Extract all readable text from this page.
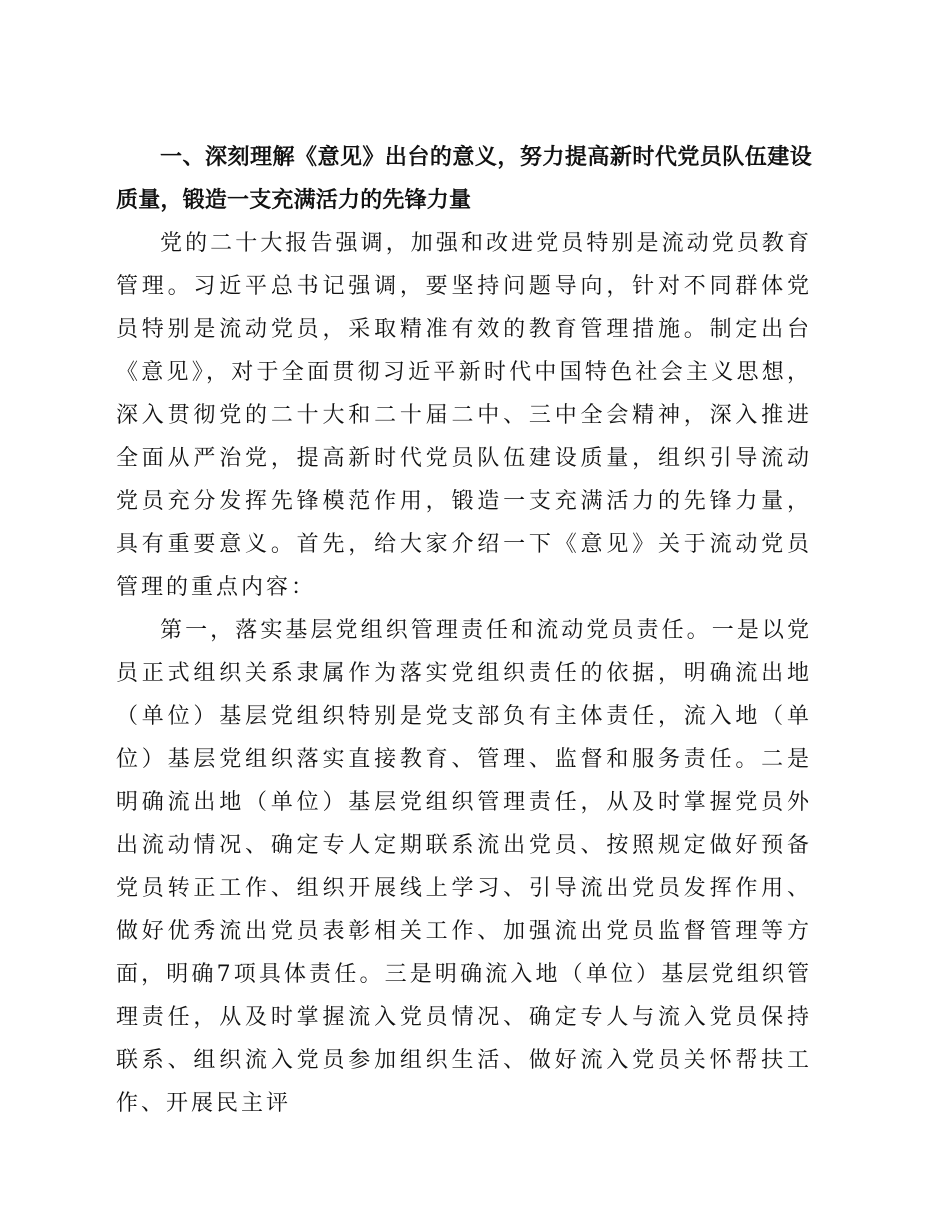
一、深刻理解《意见》出台的意义，努力提高新时代党员队伍建设质量，锻造一支充满活力的先锋力量

党的二十大报告强调，加强和改进党员特别是流动党员教育管理。习近平总书记强调，要坚持问题导向，针对不同群体党员特别是流动党员，采取精准有效的教育管理措施。制定出台《意见》，对于全面贯彻习近平新时代中国特色社会主义思想，深入贯彻党的二十大和二十届二中、三中全会精神，深入推进全面从严治党，提高新时代党员队伍建设质量，组织引导流动党员充分发挥先锋模范作用，锻造一支充满活力的先锋力量，具有重要意义。首先，给大家介绍一下《意见》关于流动党员管理的重点内容：

第一，落实基层党组织管理责任和流动党员责任。一是以党员正式组织关系隶属作为落实党组织责任的依据，明确流出地（单位）基层党组织特别是党支部负有主体责任，流入地（单位）基层党组织落实直接教育、管理、监督和服务责任。二是明确流出地（单位）基层党组织管理责任，从及时掌握党员外出流动情况、确定专人定期联系流出党员、按照规定做好预备党员转正工作、组织开展线上学习、引导流出党员发挥作用、做好优秀流出党员表彰相关工作、加强流出党员监督管理等方面，明确7项具体责任。三是明确流入地（单位）基层党组织管理责任，从及时掌握流入党员情况、确定专人与流入党员保持联系、组织流入党员参加组织生活、做好流入党员关怀帮扶工作、开展民主评
